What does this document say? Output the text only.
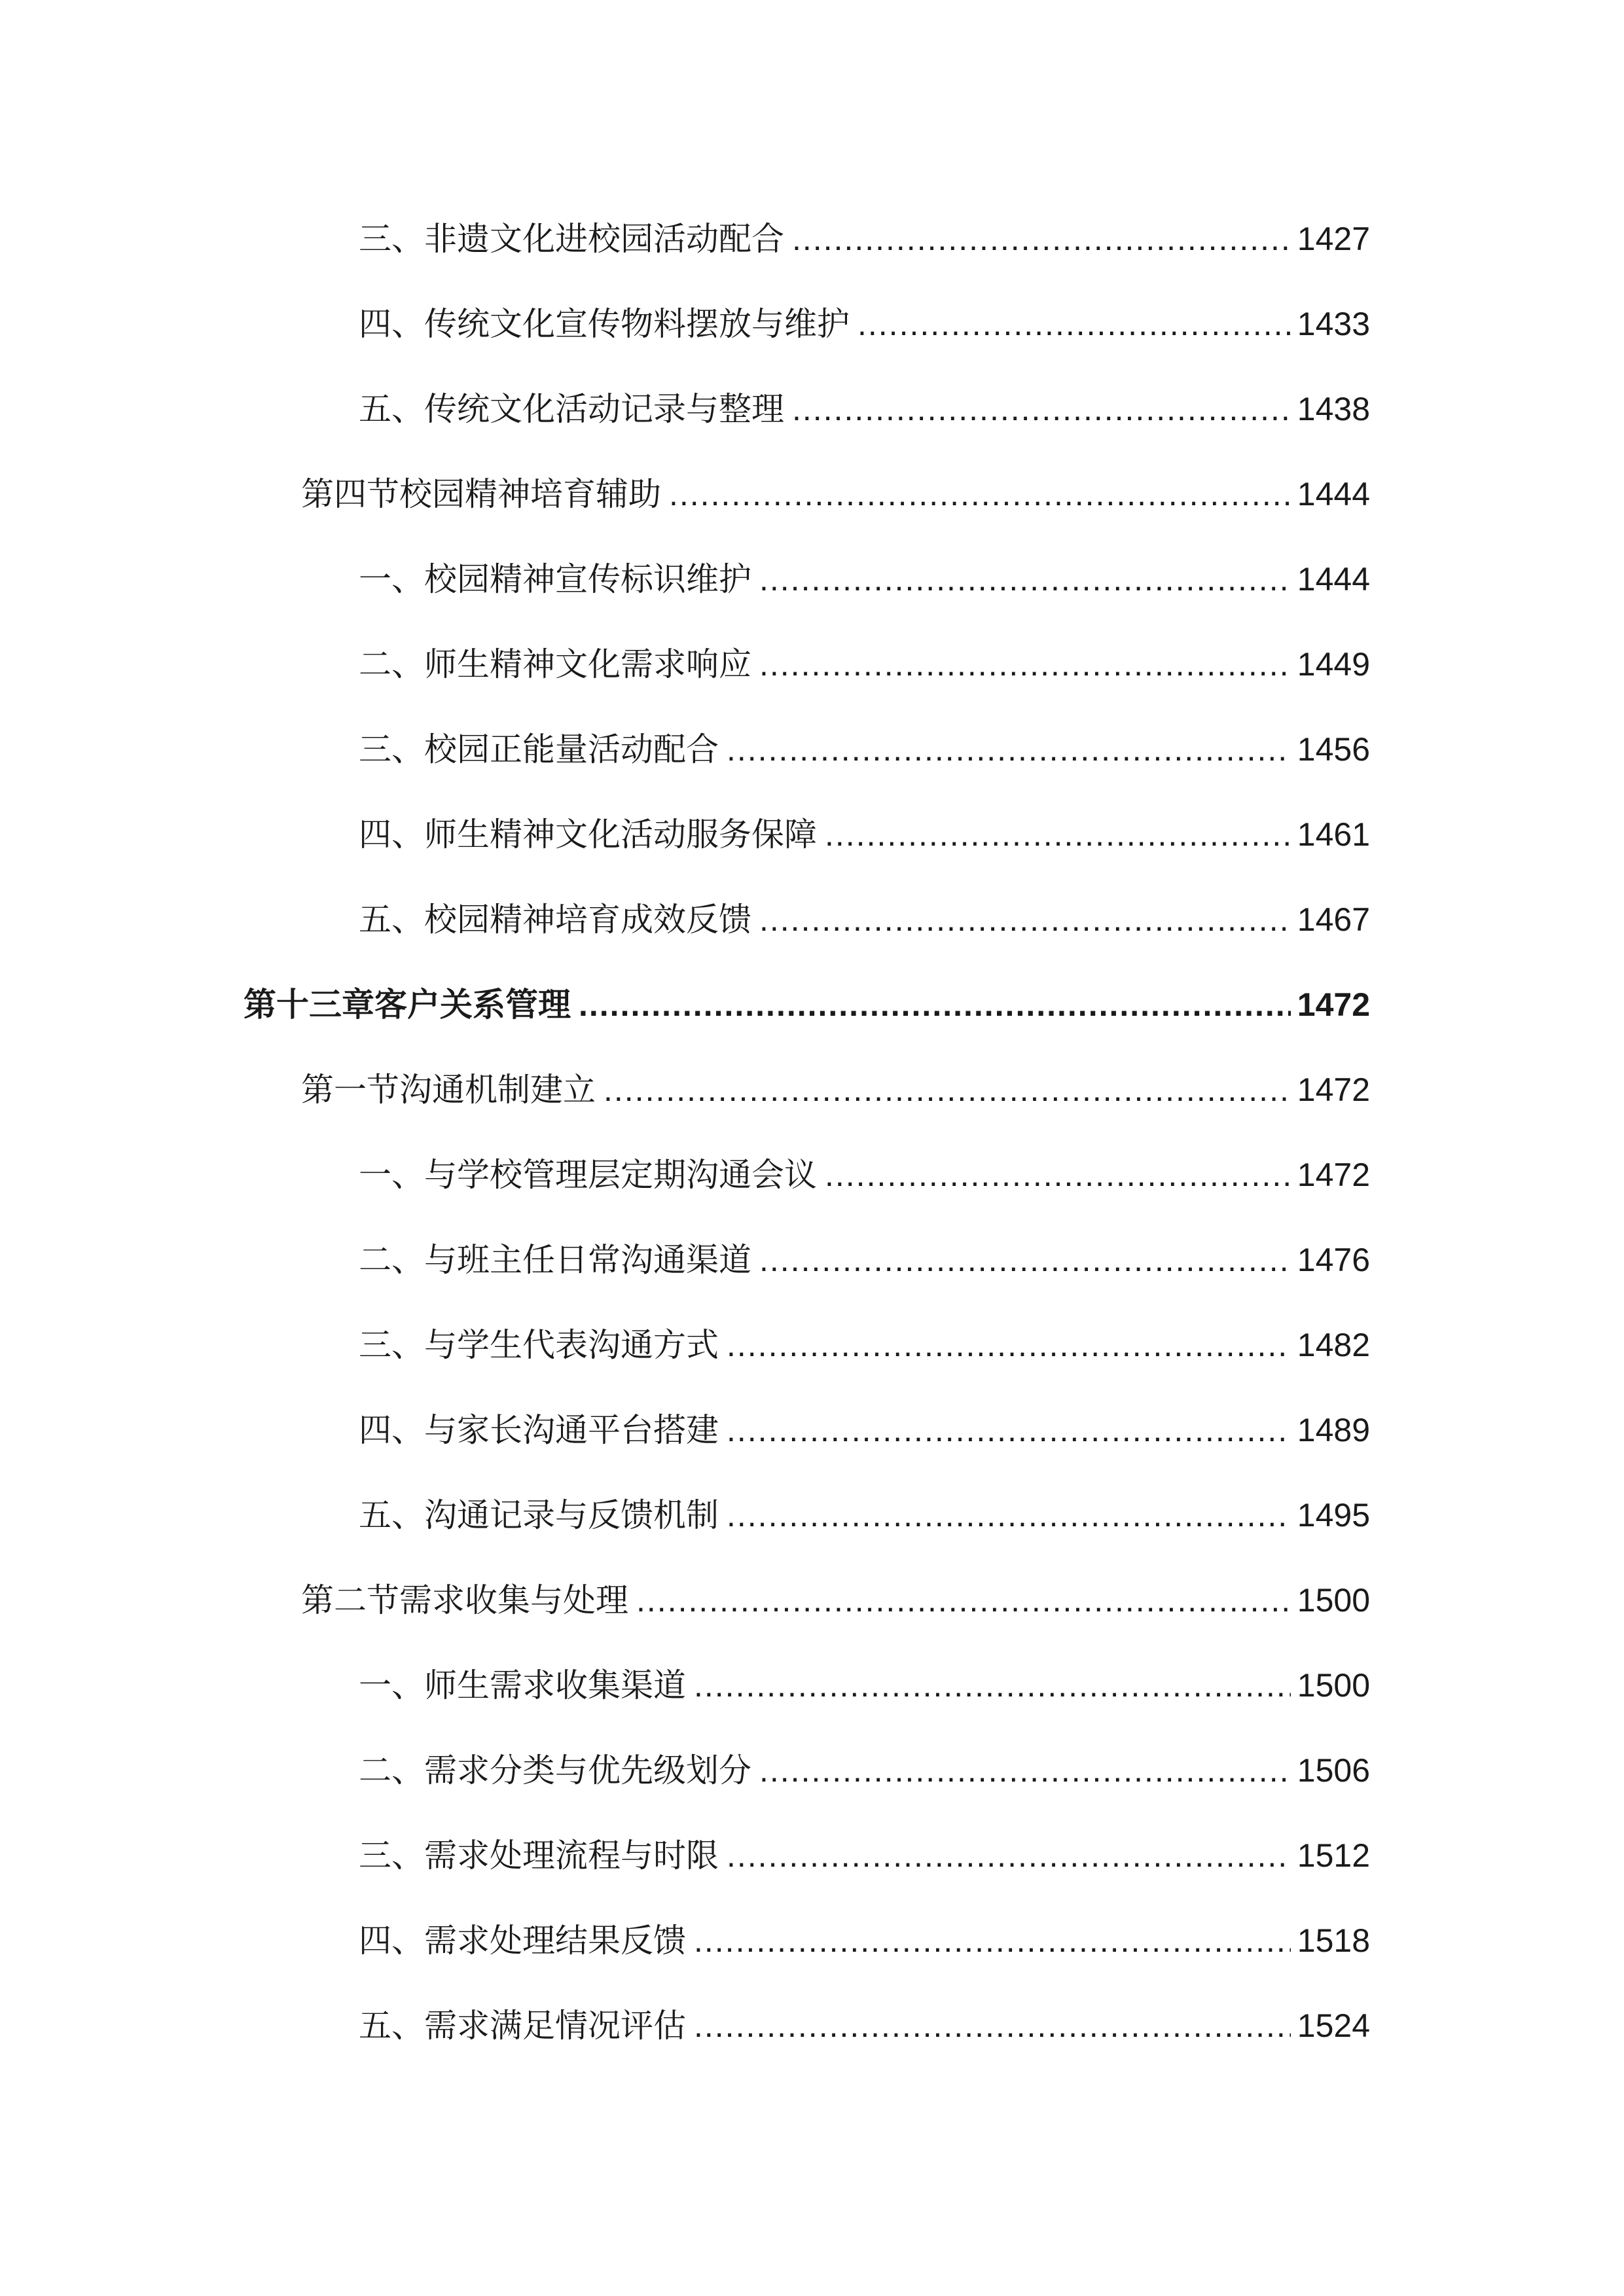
三、非遗文化进校园活动配合 .....	1427
四、传统文化宣传物料摆放与维护 .....	1433
五、传统文化活动记录与整理 .....	1438
第四节校园精神培育辅助 .....	1444
一、校园精神宣传标识维护 .....	1444
二、师生精神文化需求响应 .....	1449
三、校园正能量活动配合 .....	1456
四、师生精神文化活动服务保障 .....	1461
五、校园精神培育成效反馈 .....	1467
第十三章客户关系管理 .....	1472
第一节沟通机制建立 .....	1472
一、与学校管理层定期沟通会议 .....	1472
二、与班主任日常沟通渠道 .....	1476
三、与学生代表沟通方式 .....	1482
四、与家长沟通平台搭建 .....	1489
五、沟通记录与反馈机制 .....	1495
第二节需求收集与处理 .....	1500
一、师生需求收集渠道 .....	1500
二、需求分类与优先级划分 .....	1506
三、需求处理流程与时限 .....	1512
四、需求处理结果反馈 .....	1518
五、需求满足情况评估 .....	1524
